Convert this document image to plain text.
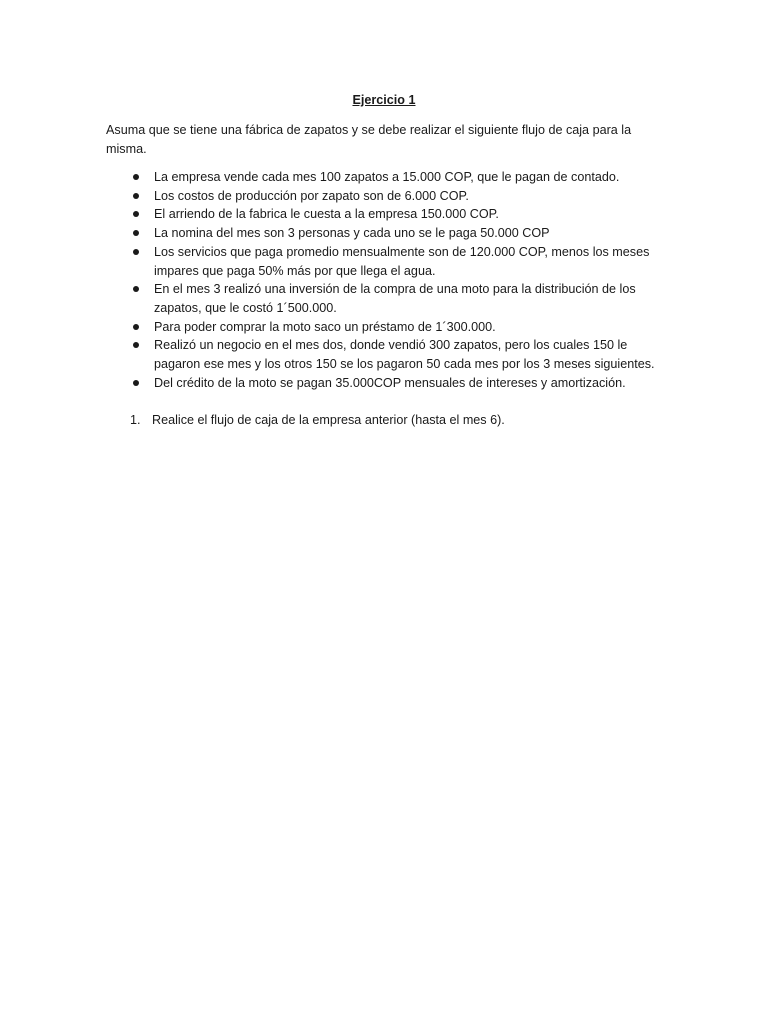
Ejercicio 1

Asuma que se tiene una fábrica de zapatos y se debe realizar el siguiente flujo de caja para la misma.

La empresa vende cada mes 100 zapatos a 15.000 COP, que le pagan de contado.
Los costos de producción por zapato son de 6.000 COP.
El arriendo de la fabrica le cuesta a la empresa 150.000 COP.
La nomina del mes son 3 personas y cada uno se le paga 50.000 COP
Los servicios que paga promedio mensualmente son de 120.000 COP, menos los meses impares que paga 50% más por que llega el agua.
En el mes 3 realizó una inversión de la compra de una moto para la distribución de los zapatos, que le costó 1´500.000.
Para poder comprar la moto saco un préstamo de 1´300.000.
Realizó un negocio en el mes dos, donde vendió 300 zapatos, pero los cuales 150 le pagaron ese mes y los otros 150 se los pagaron 50 cada mes por los 3 meses siguientes.
Del crédito de la moto se pagan 35.000COP mensuales de intereses y amortización.
1. Realice el flujo de caja de la empresa anterior (hasta el mes 6).
